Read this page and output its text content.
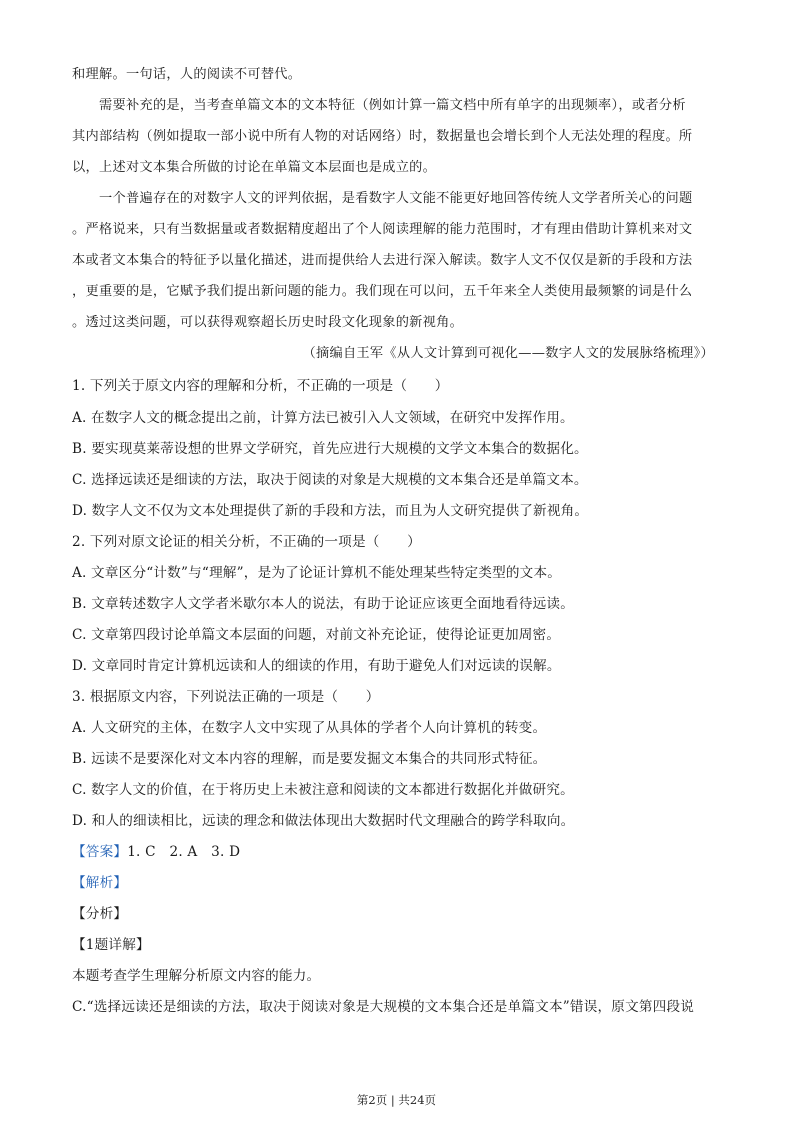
和理解。一句话，人的阅读不可替代。
需要补充的是，当考查单篇文本的文本特征（例如计算一篇文档中所有单字的出现频率），或者分析
其内部结构（例如提取一部小说中所有人物的对话网络）时，数据量也会增长到个人无法处理的程度。所
以，上述对文本集合所做的讨论在单篇文本层面也是成立的。
一个普遍存在的对数字人文的评判依据，是看数字人文能不能更好地回答传统人文学者所关心的问题
。严格说来，只有当数据量或者数据精度超出了个人阅读理解的能力范围时，才有理由借助计算机来对文
本或者文本集合的特征予以量化描述，进而提供给人去进行深入解读。数字人文不仅仅是新的手段和方法
，更重要的是，它赋予我们提出新问题的能力。我们现在可以问，五千年来全人类使用最频繁的词是什么
。透过这类问题，可以获得观察超长历史时段文化现象的新视角。
（摘编自王军《从人文计算到可视化——数字人文的发展脉络梳理》）
1. 下列关于原文内容的理解和分析，不正确的一项是（　　）
A. 在数字人文的概念提出之前，计算方法已被引入人文领域，在研究中发挥作用。
B. 要实现莫莱蒂设想的世界文学研究，首先应进行大规模的文学文本集合的数据化。
C. 选择远读还是细读的方法，取决于阅读的对象是大规模的文本集合还是单篇文本。
D. 数字人文不仅为文本处理提供了新的手段和方法，而且为人文研究提供了新视角。
2. 下列对原文论证的相关分析，不正确的一项是（　　）
A. 文章区分“计数”与“理解”，是为了论证计算机不能处理某些特定类型的文本。
B. 文章转述数字人文学者米歇尔本人的说法，有助于论证应该更全面地看待远读。
C. 文章第四段讨论单篇文本层面的问题，对前文补充论证，使得论证更加周密。
D. 文章同时肯定计算机远读和人的细读的作用，有助于避免人们对远读的误解。
3. 根据原文内容，下列说法正确的一项是（　　）
A. 人文研究的主体，在数字人文中实现了从具体的学者个人向计算机的转变。
B. 远读不是要深化对文本内容的理解，而是要发掘文本集合的共同形式特征。
C. 数字人文的价值，在于将历史上未被注意和阅读的文本都进行数据化并做研究。
D. 和人的细读相比，远读的理念和做法体现出大数据时代文理融合的跨学科取向。
【答案】1. C　2. A　3. D
【解析】
【分析】
【1题详解】
本题考查学生理解分析原文内容的能力。
C.“选择远读还是细读的方法，取决于阅读对象是大规模的文本集合还是单篇文本”错误，原文第四段说
第2页 | 共24页
